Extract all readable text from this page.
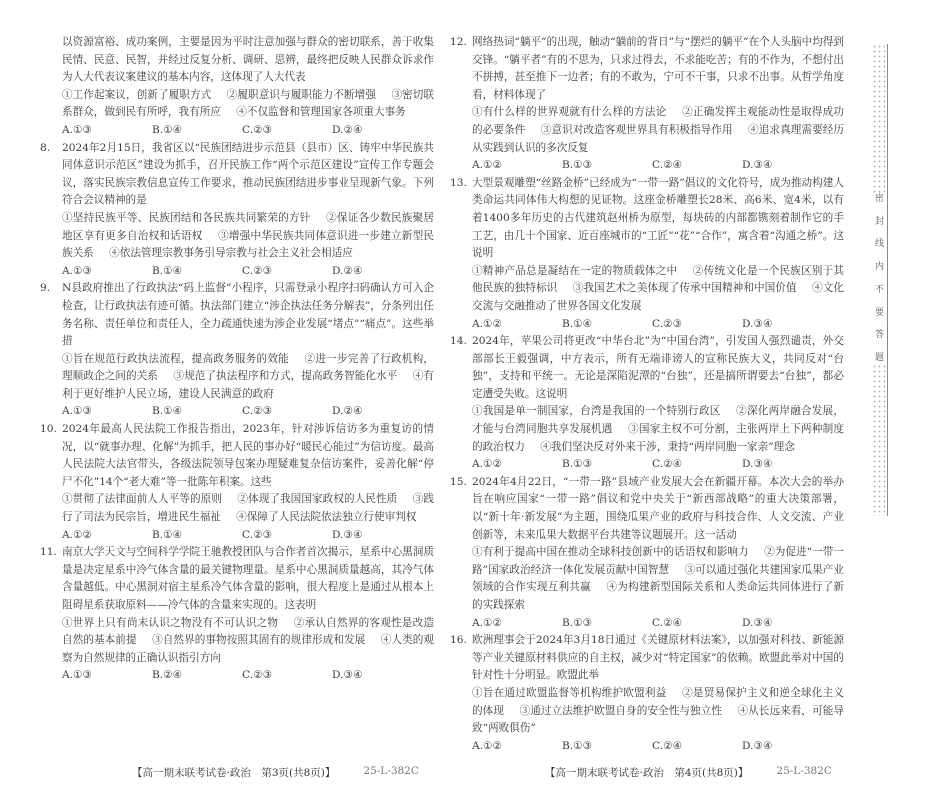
以资源富裕、成功案例，主要是因为平时注意加强与群众的密切联系，善于收集民情、民意、民智，并经过反复分析、调研、思辨，最终把反映人民群众诉求作为人大代表议案建议的基本内容，这体现了人大代表

①工作起案议，创新了履职方式 ②履职意识与履职能力不断增强 ③密切联系群众，做到民有所呼，我有所应 ④不仅监督和管理国家各项重大事务

A.①③	B.①④	C.②③	D.②④
8. 2024年2月15日，我省区以“民族团结进步示范县（县市）区、铸牢中华民族共同体意识示范区”建设为抓手，召开民族工作“两个示范区建设”宣传工作专题会议，落实民族宗教信息宣传工作要求，推动民族团结进步事业呈现新气象。下列符合会议精神的是

①坚持民族平等、民族团结和各民族共同繁荣的方针 ②保证各少数民族聚居地区享有更多自治权和话语权 ③增强中华民族共同体意识进一步建立新型民族关系 ④依法管理宗教事务引导宗教与社会主义社会相适应

A.①③	B.①④	C.②③	D.②④
9. N县政府推出了行政执法“码上监督”小程序，只需登录小程序扫码确认方可入企检查，让行政执法有迹可循。执法部门建立“涉企执法任务分解表”，分条列出任务名称、责任单位和责任人，全力疏通快速为涉企业发展“堵点”“痛点”。这些举措

①旨在规范行政执法流程，提高政务服务的效能 ②进一步完善了行政机构，理顺政企之间的关系 ③规范了执法程序和方式，提高政务智能化水平 ④有利于更好维护人民立场，建设人民满意的政府

A.①③	B.①④	C.②③	D.②④
10. 2024年最高人民法院工作报告指出，2023年，针对涉诉信访多为重复访的情况，以“就事办理、化解”为抓手，把人民的事办好“暖民心能过”为信访度。最高人民法院大法官带头，各级法院领导包案办理疑难复杂信访案件，妥善化解“停尸不化”14个“老大难”等一批陈年积案。这些

①贯彻了法律面前人人平等的原则 ②体现了我国国家政权的人民性质 ③践行了司法为民宗旨，增进民生福祉 ④保障了人民法院依法独立行使审判权

A.①②	B.①④	C.②③	D.③④
11. 南京大学天文与空间科学学院王驰教授团队与合作者首次揭示，星系中心黑洞质量是决定星系中冷气体含量的最关键物理量。星系中心黑洞质量越高，其冷气体含量越低。中心黑洞对宿主星系冷气体含量的影响，很大程度上是通过从根本上阻碍星系获取原料——冷气体的含量来实现的。这表明

①世界上只有尚未认识之物没有不可认识之物 ②承认自然界的客观性是改造自然的基本前提 ③自然界的事物按照其固有的规律形成和发展 ④人类的观察为自然规律的正确认识指引方向

A.①③	B.②④	C.②③	D.③④
12. 网络热词“躺平”的出现，触动“躺前的背日”与“摆烂的躺平”在个人头脑中均得到交锋。“躺平者”有的不思为，只求过得去，不求能吃苦；有的不作为，不想付出不拼搏，甚至推下一边者；有的不敢为，宁可不干事，只求不出事。从哲学角度看，材料体现了

①有什么样的世界观就有什么样的方法论 ②正确发挥主观能动性是取得成功的必要条件 ③意识对改造客观世界具有积极指导作用 ④追求真理需要经历从实践到认识的多次反复

A.①②	B.①③	C.②④	D.③④
13. 大型景观雕塑“丝路金桥”已经成为“一带一路”倡议的文化符号，成为推动构建人类命运共同体伟大构想的见证物。这座金桥雕塑长28米、高6米、宽4米，以有着1400多年历史的古代建筑赵州桥为原型，每块砖的内部都镌刻着制作它的手工艺，由几十个国家、近百座城市的“工匠”“花”“合作”，寓含着“沟通之桥”。这说明

①精神产品总是凝结在一定的物质载体之中 ②传统文化是一个民族区别于其他民族的独特标识 ③我国艺术之美体现了传承中国精神和中国价值 ④文化交流与交融推动了世界各国文化发展

A.①②	B.①④	C.②③	D.③④
14. 2024年，苹果公司将更改“中华台北”为“中国台湾”，引发国人强烈谴责，外交部部长王毅强调，中方表示，所有无端诽谤人的宣称民族大义，共同反对“台独”，支持和平统一。无论是深陷泥潭的“台独”，还是搞所谓要去“台独”，都必定遭受失败。这说明

①我国是单一制国家，台湾是我国的一个特别行政区 ②深化两岸融合发展，才能与台湾同胞共享发展机遇 ③国家主权不可分割，主张两岸上下两种制度的政治权力 ④我们坚决反对外来干涉，秉持“两岸同胞一家亲”理念

A.①②	B.①③	C.②④	D.③④
15. 2024年4月22日，“一带一路”县域产业发展大会在新疆开幕。本次大会的举办旨在响应国家“一带一路”倡议和党中央关于“新西部战略”的重大决策部署，以“新十年·新发展”为主题，围绕瓜果产业的政府与科技合作、人文交流、产业创新等，未来瓜果大数据平台共建等议题展开。这一活动

①有利于提高中国在推动全球科技创新中的话语权和影响力 ②为促进“一带一路”国家政治经济一体化发展贡献中国智慧 ③可以通过强化共建国家瓜果产业领域的合作实现互利共赢 ④为构建新型国际关系和人类命运共同体进行了新的实践探索

A.①②	B.①③	C.②④	D.③④
16. 欧洲理事会于2024年3月18日通过《关键原材料法案》，以加强对科技、新能源等产业关键原材料供应的自主权，减少对“特定国家”的依赖。欧盟此举对中国的针对性十分明显。欧盟此举

①旨在通过欧盟监督等机构维护欧盟利益 ②是贸易保护主义和逆全球化主义的体现 ③通过立法维护欧盟自身的安全性与独立性 ④从长远来看，可能导致“两败俱伤”

A.①②	B.①③	C.②④	D.③④
【高一期末联考试卷·政治　第3页(共8页)】	25-L-382C	【高一期末联考试卷·政治　第4页(共8页)】	25-L-382C
密
封
线
内
不
要
答
题
